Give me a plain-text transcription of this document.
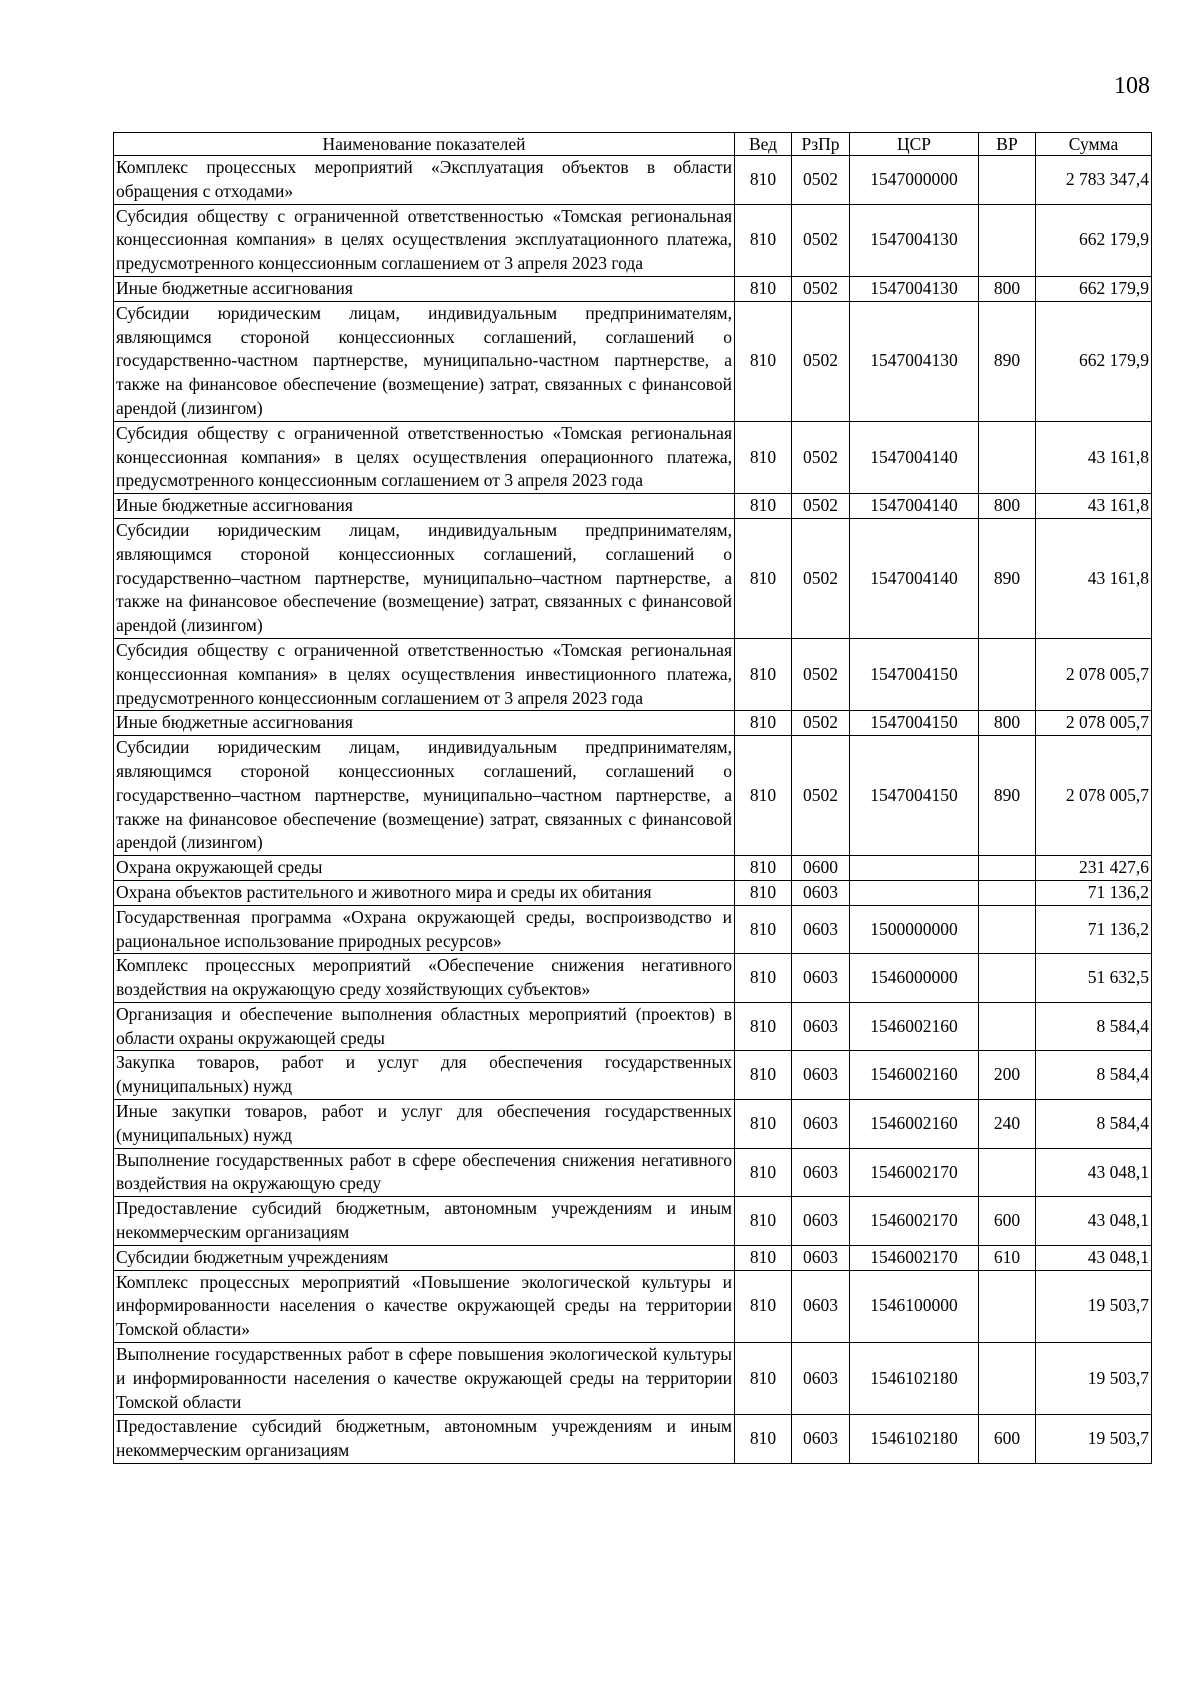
108
Наименование показателей	Вед	РзПр	ЦСР	ВР	Сумма
Комплекс процессных мероприятий «Эксплуатация объектов в области обращения с отходами»	810	0502	1547000000		2 783 347,4
Субсидия обществу с ограниченной ответственностью «Томская региональная концессионная компания» в целях осуществления эксплуатационного платежа, предусмотренного концессионным соглашением от 3 апреля 2023 года	810	0502	1547004130		662 179,9
Иные бюджетные ассигнования	810	0502	1547004130	800	662 179,9
Субсидии юридическим лицам, индивидуальным предпринимателям, являющимся стороной концессионных соглашений, соглашений о государственно-частном партнерстве, муниципально-частном партнерстве, а также на финансовое обеспечение (возмещение) затрат, связанных с финансовой арендой (лизингом)	810	0502	1547004130	890	662 179,9
Субсидия обществу с ограниченной ответственностью «Томская региональная концессионная компания» в целях осуществления операционного платежа, предусмотренного концессионным соглашением от 3 апреля 2023 года	810	0502	1547004140		43 161,8
Иные бюджетные ассигнования	810	0502	1547004140	800	43 161,8
Субсидии юридическим лицам, индивидуальным предпринимателям, являющимся стороной концессионных соглашений, соглашений о государственно–частном партнерстве, муниципально–частном партнерстве, а также на финансовое обеспечение (возмещение) затрат, связанных с финансовой арендой (лизингом)	810	0502	1547004140	890	43 161,8
Субсидия обществу с ограниченной ответственностью «Томская региональная концессионная компания» в целях осуществления инвестиционного платежа, предусмотренного концессионным соглашением от 3 апреля 2023 года	810	0502	1547004150		2 078 005,7
Иные бюджетные ассигнования	810	0502	1547004150	800	2 078 005,7
Субсидии юридическим лицам, индивидуальным предпринимателям, являющимся стороной концессионных соглашений, соглашений о государственно–частном партнерстве, муниципально–частном партнерстве, а также на финансовое обеспечение (возмещение) затрат, связанных с финансовой арендой (лизингом)	810	0502	1547004150	890	2 078 005,7
Охрана окружающей среды	810	0600			231 427,6
Охрана объектов растительного и животного мира и среды их обитания	810	0603			71 136,2
Государственная программа «Охрана окружающей среды, воспроизводство и рациональное использование природных ресурсов»	810	0603	1500000000		71 136,2
Комплекс процессных мероприятий «Обеспечение снижения негативного воздействия на окружающую среду хозяйствующих субъектов»	810	0603	1546000000		51 632,5
Организация и обеспечение выполнения областных мероприятий (проектов) в области охраны окружающей среды	810	0603	1546002160		8 584,4
Закупка товаров, работ и услуг для обеспечения государственных (муниципальных) нужд	810	0603	1546002160	200	8 584,4
Иные закупки товаров, работ и услуг для обеспечения государственных (муниципальных) нужд	810	0603	1546002160	240	8 584,4
Выполнение государственных работ в сфере обеспечения снижения негативного воздействия на окружающую среду	810	0603	1546002170		43 048,1
Предоставление субсидий бюджетным, автономным учреждениям и иным некоммерческим организациям	810	0603	1546002170	600	43 048,1
Субсидии бюджетным учреждениям	810	0603	1546002170	610	43 048,1
Комплекс процессных мероприятий «Повышение экологической культуры и информированности населения о качестве окружающей среды на территории Томской области»	810	0603	1546100000		19 503,7
Выполнение государственных работ в сфере повышения экологической культуры и информированности населения о качестве окружающей среды на территории Томской области	810	0603	1546102180		19 503,7
Предоставление субсидий бюджетным, автономным учреждениям и иным некоммерческим организациям	810	0603	1546102180	600	19 503,7
